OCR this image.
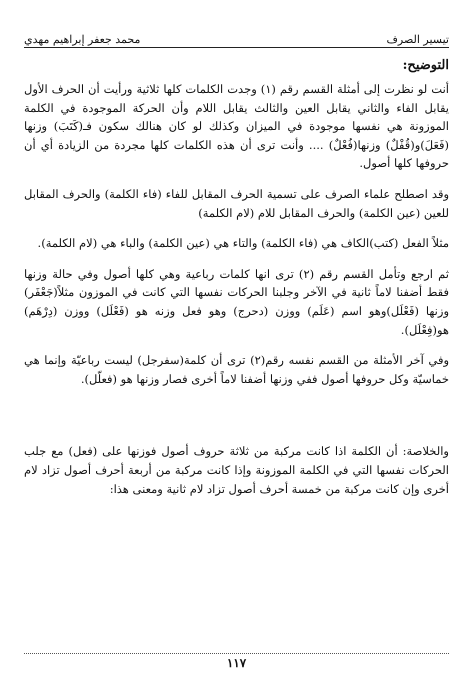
تيسير الصرف
محمد جعفر إبراهيم مهدي
التوضيح:

أنت لو نظرت إلى أمثلة القسم رقم (١) وجدت الكلمات كلها ثلاثية ورأيت أن الحرف الأول يقابل الفاء والثاني يقابل العين والثالث يقابل اللام وأن الحركة الموجودة في الكلمة الموزونة هي نفسها موجودة في الميزان وكذلك لو كان هنالك سكون فـ(كَتَبَ) وزنها (فَعَلَ)و(قُفْلٌ) وزنها(فُعْلٌ) .... وأنت ترى أن هذه الكلمات كلها مجردة من الزيادة أي أن حروفها كلها أصول.

وقد اصطلح علماء الصرف على تسمية الحرف المقابل للفاء (فاء الكلمة) والحرف المقابل للعين (عين الكلمة) والحرف المقابل للام (لام الكلمة)

مثلاً الفعل (كتب)الكاف هي (فاء الكلمة) والتاء هي (عين الكلمة) والباء هي (لام الكلمة).

ثم ارجع وتأمل القسم رقم (٢) ترى انها كلمات رباعية وهي كلها أصول وفي حالة وزنها فقط أضفنا لاماً ثانية في الآخر وجلبنا الحركات نفسها التي كانت في الموزون مثلاً(جَعْفَر) وزنها (فَعْلَل)وهو اسم (عَلَم) ووزن (دحرج) وهو فعل وزنه هو (فَعْلَل) ووزن (دِرْهَم) هو(فِعْلَل).

وفي آخر الأمثلة من القسم نفسه رقم(٢) ترى أن كلمة(سفرجل) ليست رباعيّة وإنما هي خماسيّة وكل حروفها أصول ففي وزنها أضفنا لاماً أخرى فصار وزنها هو (فعلّل).

والخلاصة: أن الكلمة اذا كانت مركبة من ثلاثة حروف أصول فوزنها على (فعل) مع جلب الحركات نفسها التي في الكلمة الموزونة وإذا كانت مركبة من أربعة أحرف أصول تزاد لام أخرى وإن كانت مركبة من خمسة أحرف أصول تزاد لام ثانية ومعنى هذا:

١١٧
